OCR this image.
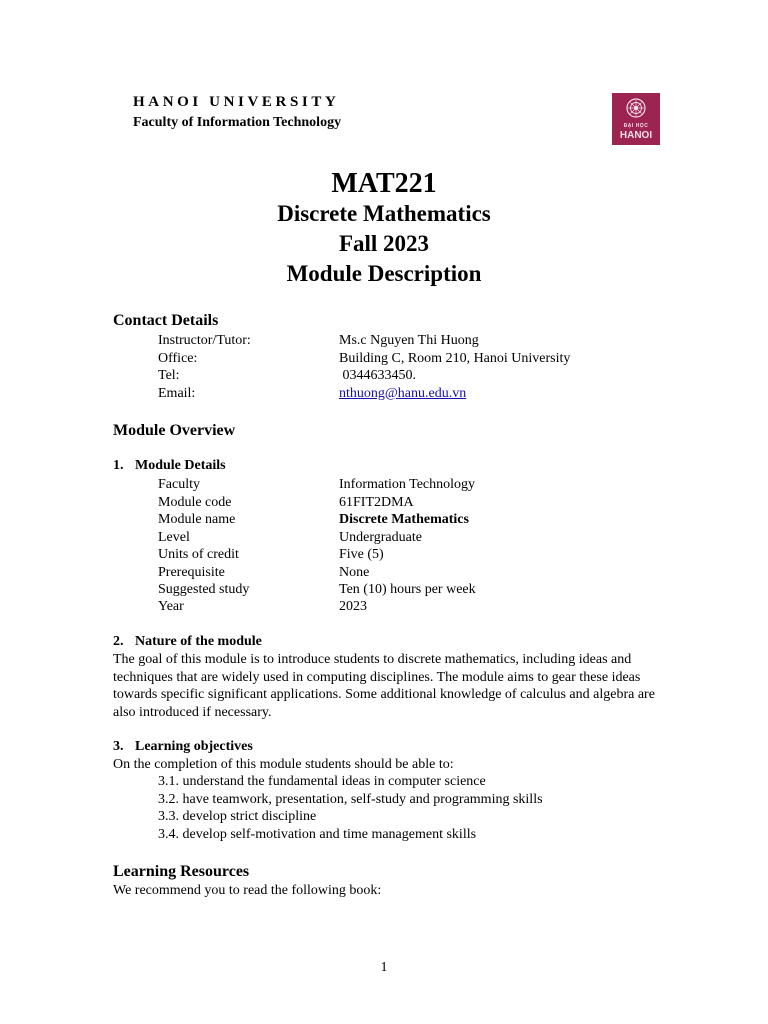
HANOI UNIVERSITY
Faculty of Information Technology	ĐẠI HỌC
HANOI
MAT221
Discrete Mathematics
Fall 2023
Module Description
Contact Details
Instructor/Tutor:	Ms.c Nguyen Thi Huong
Office:	Building C, Room 210, Hanoi University
Tel:	0344633450.
Email:	nthuong@hanu.edu.vn
Module Overview
1. Module Details
Faculty	Information Technology
Module code	61FIT2DMA
Module name	Discrete Mathematics
Level	Undergraduate
Units of credit	Five (5)
Prerequisite	None
Suggested study	Ten (10) hours per week
Year	2023
2. Nature of the module
The goal of this module is to introduce students to discrete mathematics, including ideas and techniques that are widely used in computing disciplines. The module aims to gear these ideas towards specific significant applications. Some additional knowledge of calculus and algebra are also introduced if necessary.
3. Learning objectives
On the completion of this module students should be able to:
3.1. understand the fundamental ideas in computer science
3.2. have teamwork, presentation, self-study and programming skills
3.3. develop strict discipline
3.4. develop self-motivation and time management skills
Learning Resources
We recommend you to read the following book:
1
